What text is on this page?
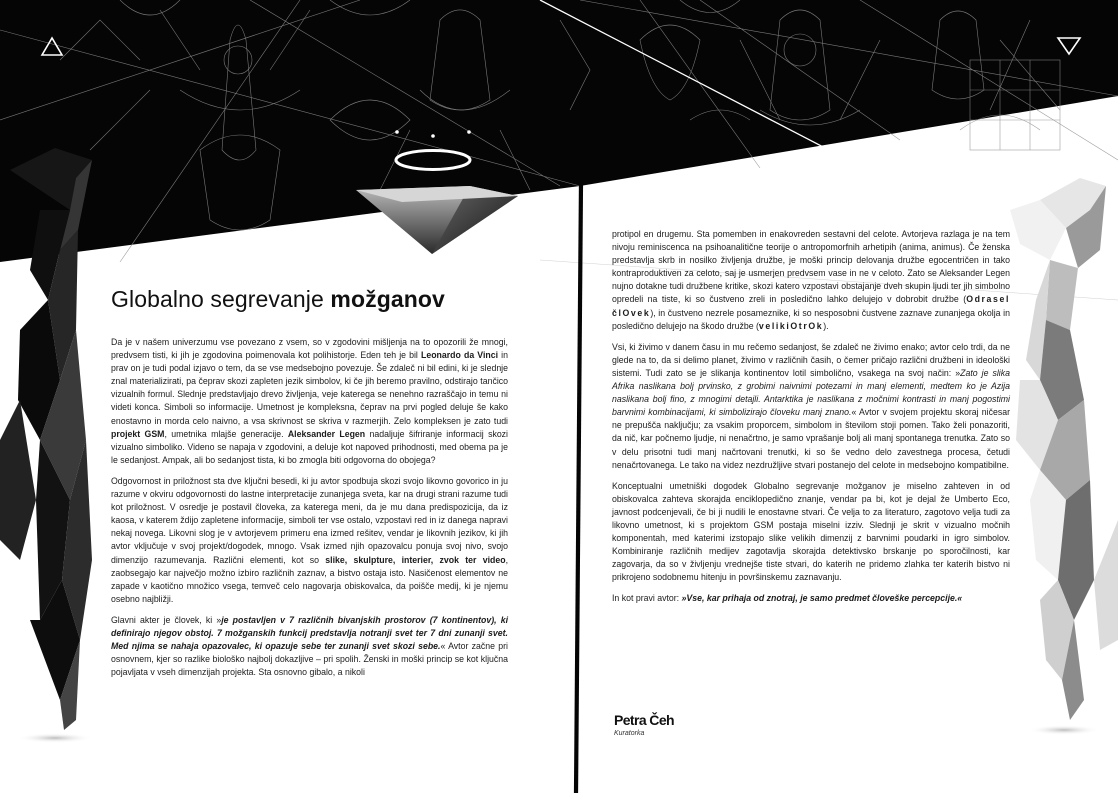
Globalno segrevanje možganov

Da je v našem univerzumu vse povezano z vsem, so v zgodovini mišljenja na to opozorili že mnogi, predvsem tisti, ki jih je zgodovina poimenovala kot polihistorje. Eden teh je bil Leonardo da Vinci in prav on je tudi podal izjavo o tem, da se vse medsebojno povezuje. Še zdaleč ni bil edini, ki je slednje znal materializirati, pa čeprav skozi zapleten jezik simbolov, ki če jih beremo pravilno, odstirajo tančico vizualnih formul. Slednje predstavljajo drevo življenja, veje katerega se nenehno razraščajo in temu ni videti konca. Simboli so informacije. Umetnost je kompleksna, čeprav na prvi pogled deluje še kako enostavno in morda celo naivno, a vsa skrivnost se skriva v razmerjih. Zelo kompleksen je zato tudi projekt GSM, umetnika mlajše generacije. Aleksander Legen nadaljuje šifriranje informacij skozi vizualno simboliko. Videno se napaja v zgodovini, a deluje kot napoved prihodnosti, med obema pa je le sedanjost. Ampak, ali bo sedanjost tista, ki bo zmogla biti odgovorna do obojega?

Odgovornost in priložnost sta dve ključni besedi, ki ju avtor spodbuja skozi svojo likovno govorico in ju razume v okviru odgovornosti do lastne interpretacije zunanjega sveta, kar na drugi strani razume tudi kot priložnost. V osredje je postavil človeka, za katerega meni, da je mu dana predispozicija, da iz kaosa, v katerem ždijo zapletene informacije, simboli ter vse ostalo, vzpostavi red in iz danega napravi nekaj novega. Likovni slog je v avtorjevem primeru ena izmed rešitev, vendar je likovnih jezikov, ki jih avtor vključuje v svoj projekt/dogodek, mnogo. Vsak izmed njih opazovalcu ponuja svoj nivo, svojo dimenzijo razumevanja. Različni elementi, kot so slike, skulpture, interier, zvok ter video, zaobsegajo kar največjo možno izbiro različnih zaznav, a bistvo ostaja isto. Nasičenost elementov ne zapade v kaotično množico vsega, temveč celo nagovarja obiskovalca, da poišče medij, ki je njemu osebno najbližji.

Glavni akter je človek, ki »je postavljen v 7 različnih bivanjskih prostorov (7 kontinentov), ki definirajo njegov obstoj. 7 možganskih funkcij predstavlja notranji svet ter 7 dni zunanji svet. Med njima se nahaja opazovalec, ki opazuje sebe ter zunanji svet skozi sebe.« Avtor začne pri osnovnem, kjer so razlike biološko najbolj dokazljive – pri spolih. Ženski in moški princip se kot ključna pojavljata v vseh dimenzijah projekta. Sta osnovno gibalo, a nikoli

protipol en drugemu. Sta pomemben in enakovreden sestavni del celote. Avtorjeva razlaga je na tem nivoju reminiscenca na psihoanalitične teorije o antropomorfnih arhetipih (anima, animus). Če ženska predstavlja skrb in nosilko življenja družbe, je moški princip delovanja družbe egocentričen in tako kontraproduktiven za celoto, saj je usmerjen predvsem vase in ne v celoto. Zato se Aleksander Legen nujno dotakne tudi družbene kritike, skozi katero vzpostavi obstajanje dveh skupin ljudi ter jih simbolno opredeli na tiste, ki so čustveno zreli in posledično lahko delujejo v dobrobit družbe (Odrasel člOvek), in čustveno nezrele posameznike, ki so nesposobni čustvene zaznave zunanjega okolja in posledično delujejo na škodo družbe (velikiOtrOk).

Vsi, ki živimo v danem času in mu rečemo sedanjost, še zdaleč ne živimo enako; avtor celo trdi, da ne glede na to, da si delimo planet, živimo v različnih časih, o čemer pričajo različni družbeni in ideološki sistemi. Tudi zato se je slikanja kontinentov lotil simbolično, vsakega na svoj način: »Zato je slika Afrika naslikana bolj prvinsko, z grobimi naivnimi potezami in manj elementi, medtem ko je Azija naslikana bolj fino, z mnogimi detajli. Antarktika je naslikana z močnimi kontrasti in manj pogostimi barvnimi kombinacijami, ki simbolizirajo človeku manj znano.« Avtor v svojem projektu skoraj ničesar ne prepušča naključju; za vsakim proporcem, simbolom in številom stoji pomen. Tako želi ponazoriti, da nič, kar počnemo ljudje, ni nenačrtno, je samo vprašanje bolj ali manj spontanega trenutka. Zato so v delu prisotni tudi manj načrtovani trenutki, ki so še vedno delo zavestnega procesa, četudi nenačrtovanega. Le tako na videz nezdružljive stvari postanejo del celote in medsebojno kompatibilne.

Konceptualni umetniški dogodek Globalno segrevanje možganov je miselno zahteven in od obiskovalca zahteva skorajda enciklopedično znanje, vendar pa bi, kot je dejal že Umberto Eco, javnost podcenjevali, če bi ji nudili le enostavne stvari. Če velja to za literaturo, zagotovo velja tudi za likovno umetnost, ki s projektom GSM postaja miselni izziv. Slednji je skrit v vizualno močnih komponentah, med katerimi izstopajo slike velikih dimenzij z barvnimi poudarki in igro simbolov. Kombiniranje različnih medijev zagotavlja skorajda detektivsko brskanje po sporočilnosti, kar zagovarja, da so v življenju vrednejše tiste stvari, do katerih ne pridemo zlahka ter katerih bistvo ni prikrojeno sodobnemu hitenju in površinskemu zaznavanju.

In kot pravi avtor: »Vse, kar prihaja od znotraj, je samo predmet človeške percepcije.«

Petra Čeh
Kuratorka
